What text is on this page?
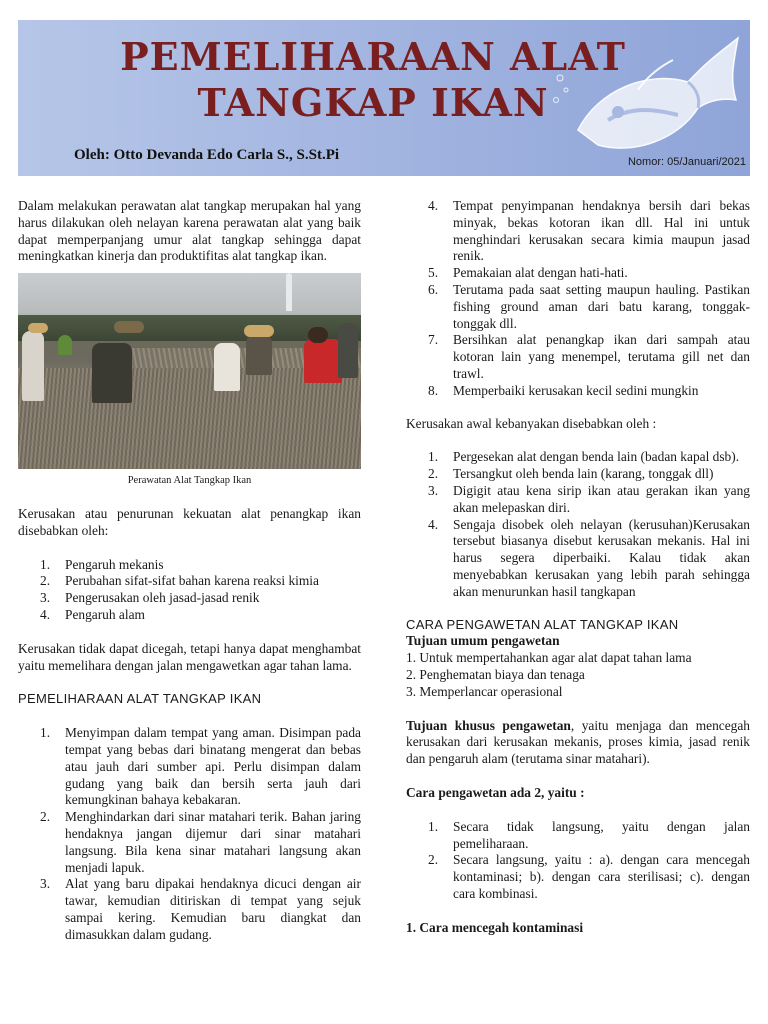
PEMELIHARAAN ALAT
TANGKAP IKAN
Oleh: Otto Devanda Edo Carla S., S.St.Pi	Nomor: 05/Januari/2021

Dalam melakukan perawatan alat tangkap merupakan hal yang harus dilakukan oleh nelayan karena perawatan alat yang baik dapat memperpanjang umur alat tangkap sehingga dapat meningkatkan kinerja dan produktifitas alat tangkap ikan.

Perawatan Alat Tangkap Ikan

Kerusakan atau penurunan kekuatan alat penangkap ikan disebabkan oleh:

1. Pengaruh mekanis
2. Perubahan sifat-sifat bahan karena reaksi kimia
3. Pengerusakan oleh jasad-jasad renik
4. Pengaruh alam

Kerusakan tidak dapat dicegah, tetapi hanya dapat menghambat yaitu memelihara dengan jalan mengawetkan agar tahan lama.

PEMELIHARAAN ALAT TANGKAP IKAN

1. Menyimpan dalam tempat yang aman. Disimpan pada tempat yang bebas dari binatang mengerat dan bebas atau jauh dari sumber api. Perlu disimpan dalam gudang yang baik dan bersih serta jauh dari kemungkinan bahaya kebakaran.
2. Menghindarkan dari sinar matahari terik. Bahan jaring hendaknya jangan dijemur dari sinar matahari langsung. Bila kena sinar matahari langsung akan menjadi lapuk.
3. Alat yang baru dipakai hendaknya dicuci dengan air tawar, kemudian ditiriskan di tempat yang sejuk sampai kering. Kemudian baru diangkat dan dimasukkan dalam gudang.
4. Tempat penyimpanan hendaknya bersih dari bekas minyak, bekas kotoran ikan dll. Hal ini untuk menghindari kerusakan secara kimia maupun jasad renik.
5. Pemakaian alat dengan hati-hati.
6. Terutama pada saat setting maupun hauling. Pastikan fishing ground aman dari batu karang, tonggak-tonggak dll.
7. Bersihkan alat penangkap ikan dari sampah atau kotoran lain yang menempel, terutama gill net dan trawl.
8. Memperbaiki kerusakan kecil sedini mungkin

Kerusakan awal kebanyakan disebabkan oleh :

1. Pergesekan alat dengan benda lain (badan kapal dsb).
2. Tersangkut oleh benda lain (karang, tonggak dll)
3. Digigit atau kena sirip ikan atau gerakan ikan yang akan melepaskan diri.
4. Sengaja disobek oleh nelayan (kerusuhan)Kerusakan tersebut biasanya disebut kerusakan mekanis. Hal ini harus segera diperbaiki. Kalau tidak akan menyebabkan kerusakan yang lebih parah sehingga akan menurunkan hasil tangkapan

CARA PENGAWETAN ALAT TANGKAP IKAN

Tujuan umum pengawetan

1. Untuk mempertahankan agar alat dapat tahan lama

2. Penghematan biaya dan tenaga

3. Memperlancar operasional

Tujuan khusus pengawetan, yaitu menjaga dan mencegah kerusakan dari kerusakan mekanis, proses kimia, jasad renik dan pengaruh alam (terutama sinar matahari).

Cara pengawetan ada 2, yaitu :

1. Secara tidak langsung, yaitu dengan jalan pemeliharaan.
2. Secara langsung, yaitu : a). dengan cara mencegah kontaminasi; b). dengan cara sterilisasi; c). dengan cara kombinasi.

1. Cara mencegah kontaminasi
